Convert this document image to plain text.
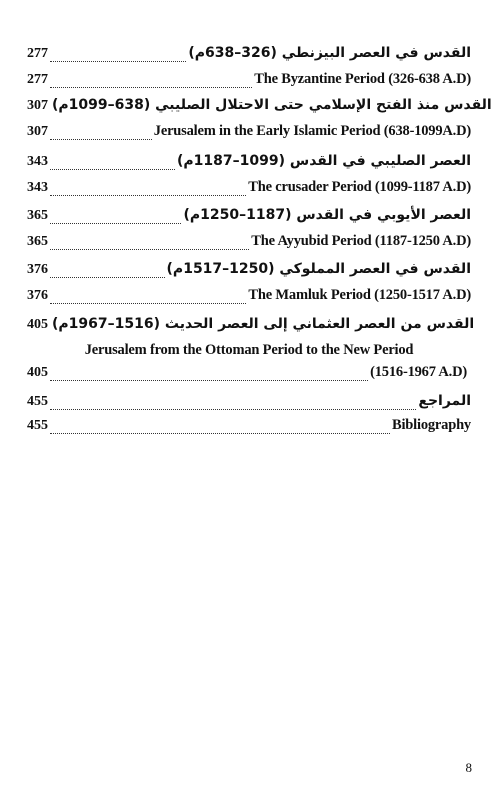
277	القدس في العصر البيزنطي (326–638م)
277	The Byzantine Period (326-638 A.D)
307 القدس منذ الفتح الإسلامي حتى الاحتلال الصليبي (638–1099م)
307	Jerusalem in the Early Islamic Period (638-1099A.D)
343	العصر الصليبي في القدس (1099–1187م)
343	The crusader Period (1099-1187 A.D)
365	العصر الأيوبي في القدس (1187–1250م)
365	The Ayyubid Period (1187-1250 A.D)
376	القدس في العصر المملوكي (1250–1517م)
376	The Mamluk Period (1250-1517 A.D)
405 القدس من العصر العثماني إلى العصر الحديث (1516–1967م)
Jerusalem from the Ottoman Period to the New Period
405	(1516-1967 A.D)
455	المراجع
455	Bibliography
8
